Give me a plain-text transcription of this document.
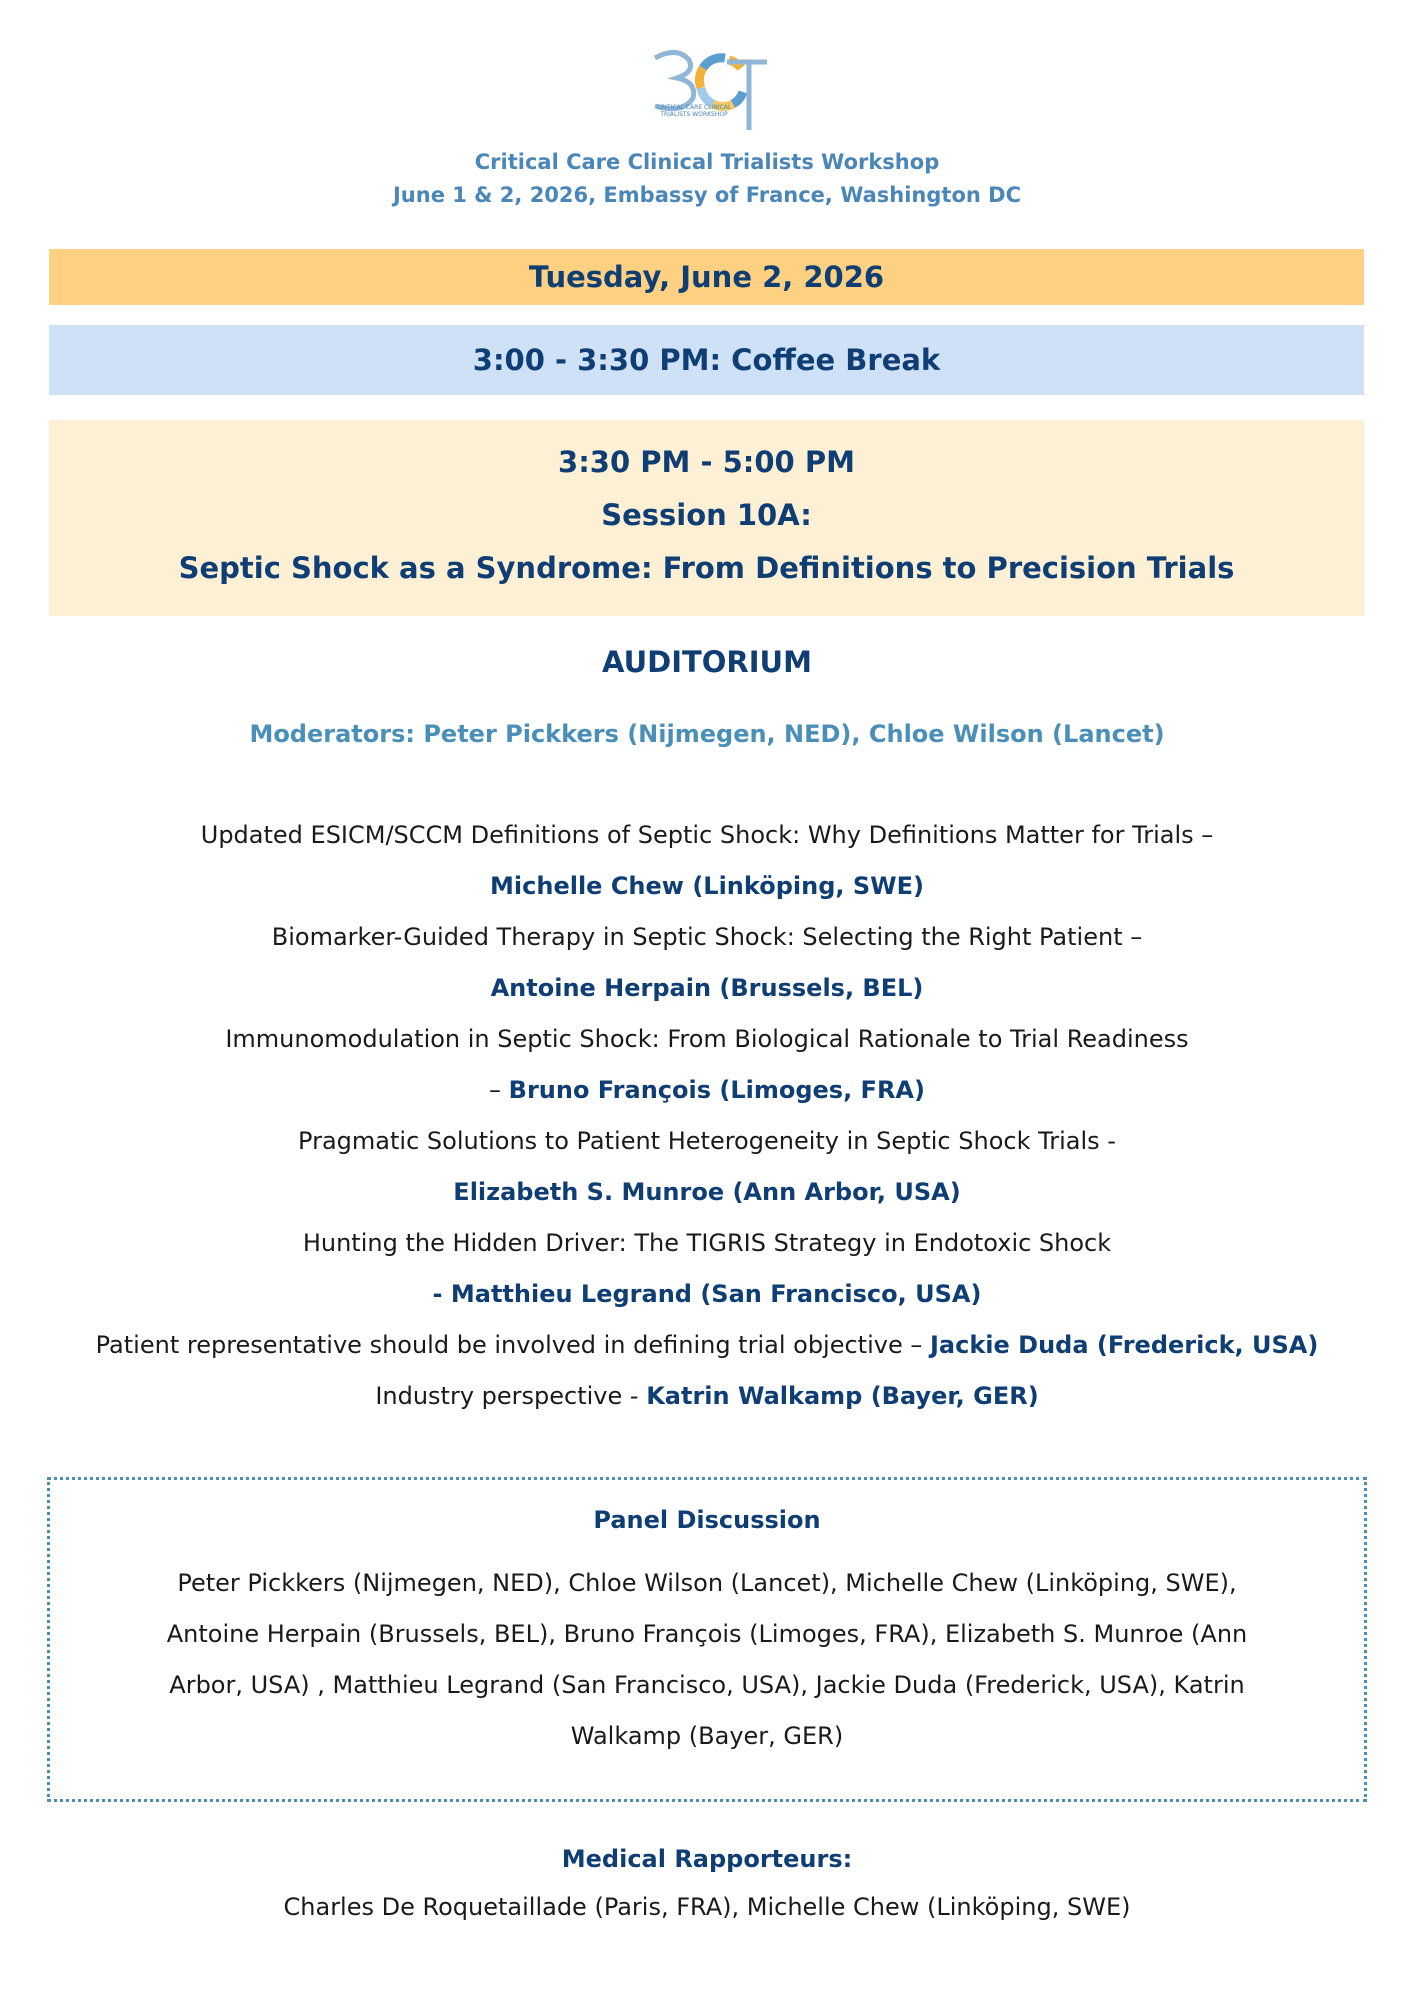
CRITICAL CARE CLINICAL TRIALISTS WORKSHOP
Critical Care Clinical Trialists Workshop
June 1 & 2, 2026, Embassy of France, Washington DC
Tuesday, June 2, 2026
3:00 - 3:30 PM: Coffee Break
3:30 PM - 5:00 PM
Session 10A:
Septic Shock as a Syndrome: From Definitions to Precision Trials
AUDITORIUM
Moderators: Peter Pickkers (Nijmegen, NED), Chloe Wilson (Lancet)
Updated ESICM/SCCM Definitions of Septic Shock: Why Definitions Matter for Trials –
Michelle Chew (Linköping, SWE)
Biomarker-Guided Therapy in Septic Shock: Selecting the Right Patient –
Antoine Herpain (Brussels, BEL)
Immunomodulation in Septic Shock: From Biological Rationale to Trial Readiness
– Bruno François (Limoges, FRA)
Pragmatic Solutions to Patient Heterogeneity in Septic Shock Trials -
Elizabeth S. Munroe (Ann Arbor, USA)
Hunting the Hidden Driver: The TIGRIS Strategy in Endotoxic Shock
- Matthieu Legrand (San Francisco, USA)
Patient representative should be involved in defining trial objective – Jackie Duda (Frederick, USA)
Industry perspective - Katrin Walkamp (Bayer, GER)
Panel Discussion
Peter Pickkers (Nijmegen, NED), Chloe Wilson (Lancet), Michelle Chew (Linköping, SWE), Antoine Herpain (Brussels, BEL), Bruno François (Limoges, FRA), Elizabeth S. Munroe (Ann Arbor, USA) , Matthieu Legrand (San Francisco, USA), Jackie Duda (Frederick, USA), Katrin Walkamp (Bayer, GER)
Medical Rapporteurs:
Charles De Roquetaillade (Paris, FRA), Michelle Chew (Linköping, SWE)
